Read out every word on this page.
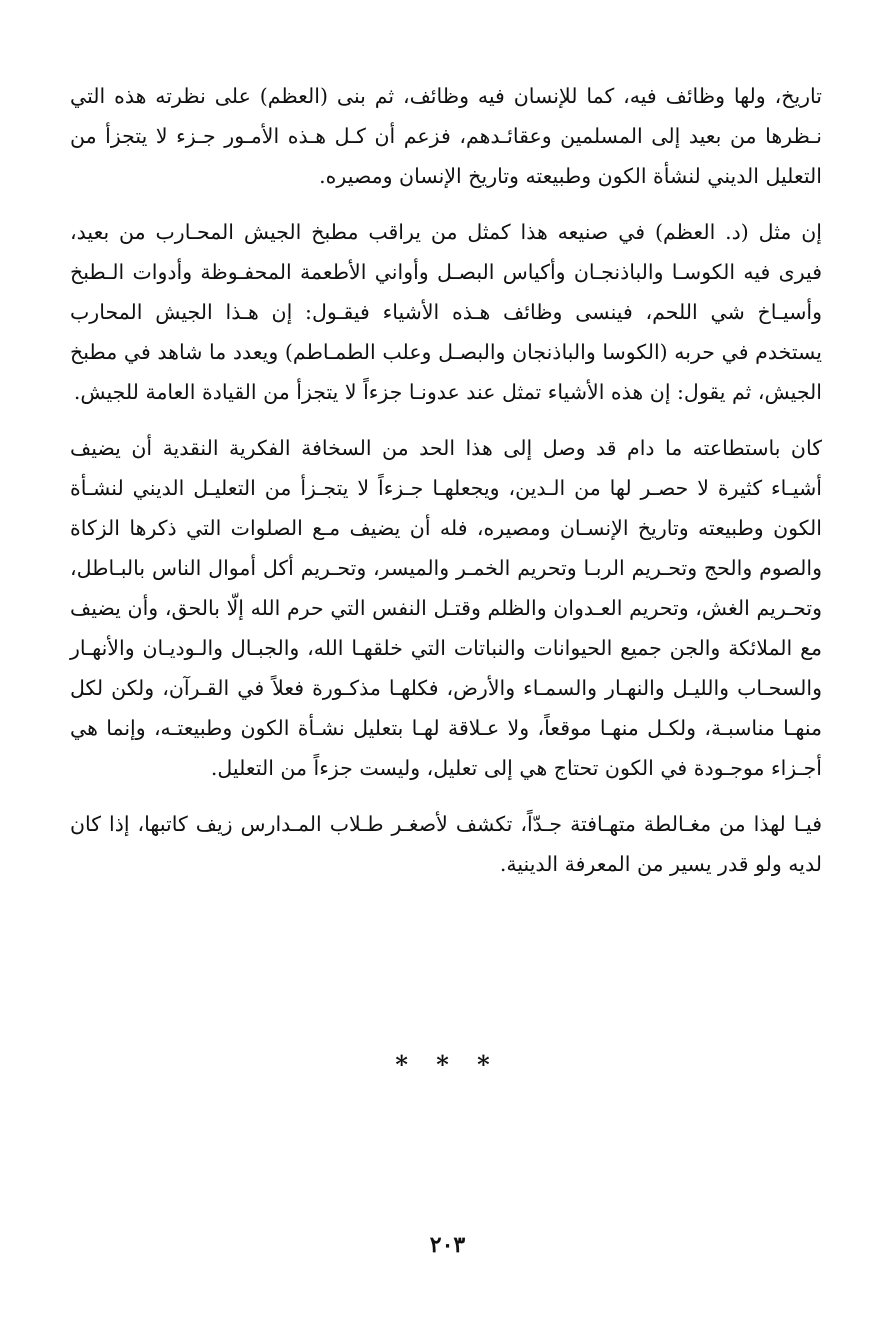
تاريخ، ولها وظائف فيه، كما للإنسان فيه وظائف، ثم بنى (العظم) على نظرته هذه التي نـظرها من بعيد إلى المسلمين وعقائـدهم، فزعم أن كـل هـذه الأمـور جـزء لا يتجزأ من التعليل الديني لنشأة الكون وطبيعته وتاريخ الإنسان ومصيره.

إن مثل (د. العظم) في صنيعه هذا كمثل من يراقب مطبخ الجيش المحـارب من بعيد، فيرى فيه الكوسـا والباذنجـان وأكياس البصـل وأواني الأطعمة المحفـوظة وأدوات الـطبخ وأسيـاخ شي اللحم، فينسى وظائف هـذه الأشياء فيقـول: إن هـذا الجيش المحارب يستخدم في حربه (الكوسا والباذنجان والبصـل وعلب الطمـاطم) ويعدد ما شاهد في مطبخ الجيش، ثم يقول: إن هذه الأشياء تمثل عند عدونـا جزءاً لا يتجزأ من القيادة العامة للجيش.

كان باستطاعته ما دام قد وصل إلى هذا الحد من السخافة الفكرية النقدية أن يضيف أشيـاء كثيرة لا حصـر لها من الـدين، ويجعلهـا جـزءاً لا يتجـزأ من التعليـل الديني لنشـأة الكون وطبيعته وتاريخ الإنسـان ومصيره، فله أن يضيف مـع الصلوات التي ذكرها الزكاة والصوم والحج وتحـريم الربـا وتحريم الخمـر والميسر، وتحـريم أكل أموال الناس بالبـاطل، وتحـريم الغش، وتحريم العـدوان والظلم وقتـل النفس التي حرم الله إلّا بالحق، وأن يضيف مع الملائكة والجن جميع الحيوانات والنباتات التي خلقهـا الله، والجبـال والـوديـان والأنهـار والسحـاب والليـل والنهـار والسمـاء والأرض، فكلهـا مذكـورة فعلاً في القـرآن، ولكن لكل منهـا مناسبـة، ولكـل منهـا موقعاً، ولا عـلاقة لهـا بتعليل نشـأة الكون وطبيعتـه، وإنما هي أجـزاء موجـودة في الكون تحتاج هي إلى تعليل، وليست جزءاً من التعليل.

فيـا لهذا من مغـالطة متهـافتة جـدّاً، تكشف لأصغـر طـلاب المـدارس زيف كاتبها، إذا كان لديه ولو قدر يسير من المعرفة الدينية.

* * *
٢٠٣
